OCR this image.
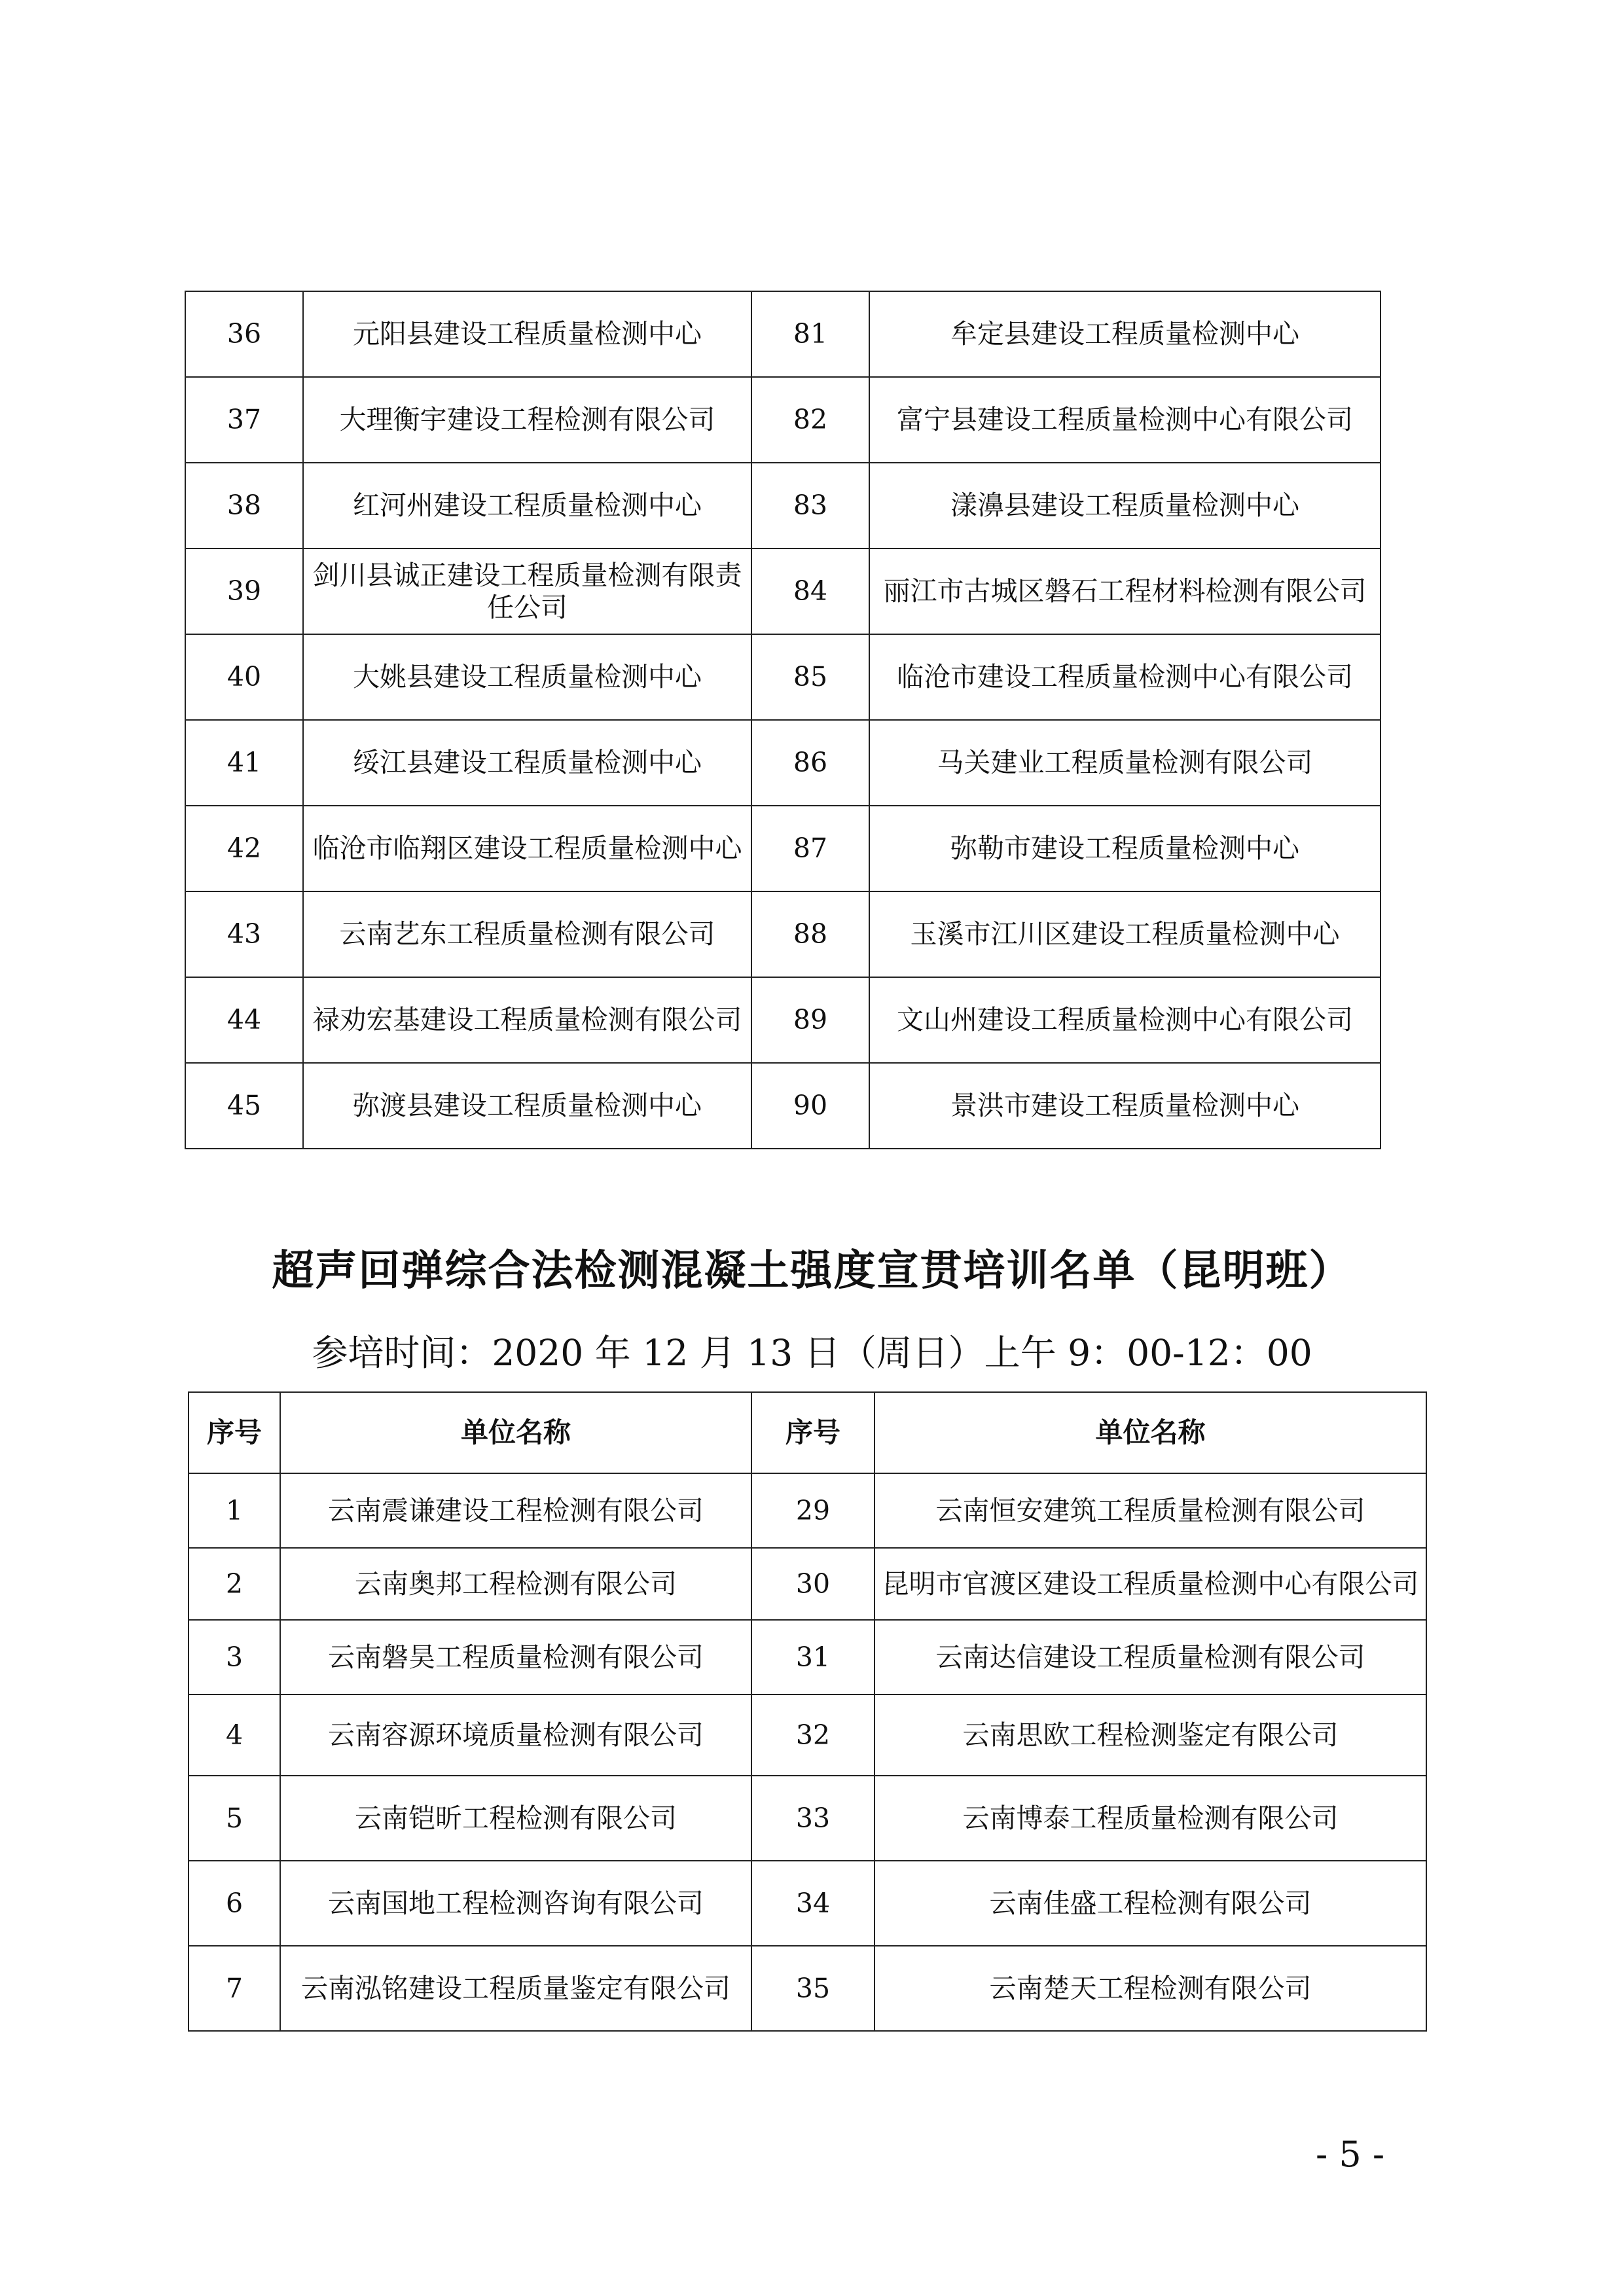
36	元阳县建设工程质量检测中心	81	牟定县建设工程质量检测中心
37	大理衡宇建设工程检测有限公司	82	富宁县建设工程质量检测中心有限公司
38	红河州建设工程质量检测中心	83	漾濞县建设工程质量检测中心
39	剑川县诚正建设工程质量检测有限责任公司	84	丽江市古城区磐石工程材料检测有限公司
40	大姚县建设工程质量检测中心	85	临沧市建设工程质量检测中心有限公司
41	绥江县建设工程质量检测中心	86	马关建业工程质量检测有限公司
42	临沧市临翔区建设工程质量检测中心	87	弥勒市建设工程质量检测中心
43	云南艺东工程质量检测有限公司	88	玉溪市江川区建设工程质量检测中心
44	禄劝宏基建设工程质量检测有限公司	89	文山州建设工程质量检测中心有限公司
45	弥渡县建设工程质量检测中心	90	景洪市建设工程质量检测中心
超声回弹综合法检测混凝土强度宣贯培训名单（昆明班）

参培时间：2020 年 12 月 13 日（周日）上午 9：00-12：00

序号	单位名称	序号	单位名称
1	云南震谦建设工程检测有限公司	29	云南恒安建筑工程质量检测有限公司
2	云南奥邦工程检测有限公司	30	昆明市官渡区建设工程质量检测中心有限公司
3	云南磐昊工程质量检测有限公司	31	云南达信建设工程质量检测有限公司
4	云南容源环境质量检测有限公司	32	云南思欧工程检测鉴定有限公司
5	云南铠昕工程检测有限公司	33	云南博泰工程质量检测有限公司
6	云南国地工程检测咨询有限公司	34	云南佳盛工程检测有限公司
7	云南泓铭建设工程质量鉴定有限公司	35	云南楚天工程检测有限公司
- 5 -
